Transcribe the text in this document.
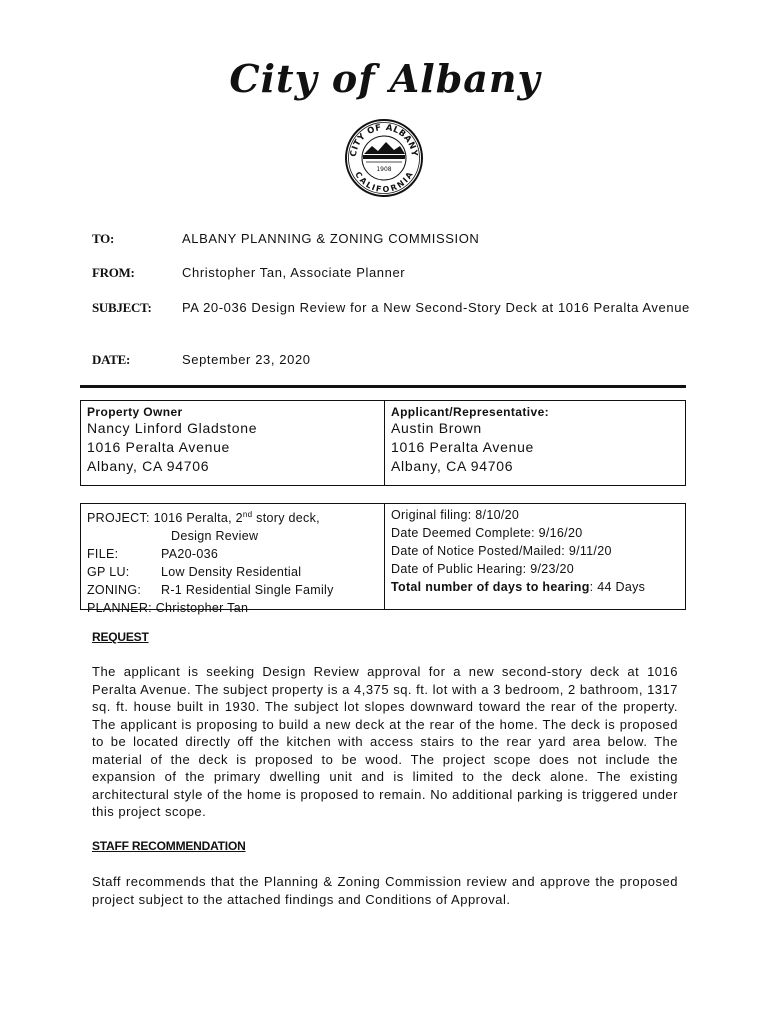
City of Albany
CITY OF ALBANY
CALIFORNIA
1908
TO:	ALBANY PLANNING & ZONING COMMISSION
FROM:	Christopher Tan, Associate Planner
SUBJECT:	PA 20-036 Design Review for a New Second-Story Deck at 1016 Peralta Avenue
DATE:	September 23, 2020
Property Owner
Nancy Linford Gladstone
1016 Peralta Avenue
Albany, CA 94706
Applicant/Representative:
Austin Brown
1016 Peralta Avenue
Albany, CA 94706
PROJECT: 1016 Peralta, 2nd story deck,
Design Review
FILE:	PA20-036
GP LU:	Low Density Residential
ZONING: R-1 Residential Single Family
PLANNER: Christopher Tan
Original filing: 8/10/20
Date Deemed Complete: 9/16/20
Date of Notice Posted/Mailed: 9/11/20
Date of Public Hearing: 9/23/20
Total number of days to hearing: 44 Days
REQUEST
The applicant is seeking Design Review approval for a new second-story deck at 1016 Peralta Avenue. The subject property is a 4,375 sq. ft. lot with a 3 bedroom, 2 bathroom, 1317 sq. ft. house built in 1930. The subject lot slopes downward toward the rear of the property. The applicant is proposing to build a new deck at the rear of the home. The deck is proposed to be located directly off the kitchen with access stairs to the rear yard area below. The material of the deck is proposed to be wood. The project scope does not include the expansion of the primary dwelling unit and is limited to the deck alone. The existing architectural style of the home is proposed to remain. No additional parking is triggered under this project scope.
STAFF RECOMMENDATION
Staff recommends that the Planning & Zoning Commission review and approve the proposed project subject to the attached findings and Conditions of Approval.
